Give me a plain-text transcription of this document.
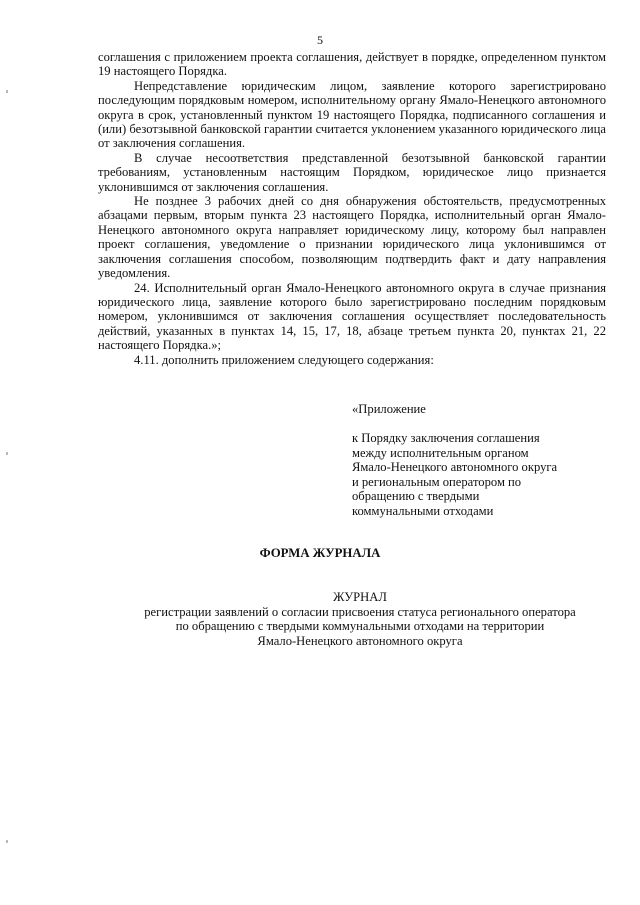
5

соглашения с приложением проекта соглашения, действует в порядке, определенном пунктом 19 настоящего Порядка.

Непредставление юридическим лицом, заявление которого зарегистрировано последующим порядковым номером, исполнительному органу Ямало-Ненецкого автономного округа в срок, установленный пунктом 19 настоящего Порядка, подписанного соглашения и (или) безотзывной банковской гарантии считается уклонением указанного юридического лица от заключения соглашения.

В случае несоответствия представленной безотзывной банковской гарантии требованиям, установленным настоящим Порядком, юридическое лицо признается уклонившимся от заключения соглашения.

Не позднее 3 рабочих дней со дня обнаружения обстоятельств, предусмотренных абзацами первым, вторым пункта 23 настоящего Порядка, исполнительный орган Ямало-Ненецкого автономного округа направляет юридическому лицу, которому был направлен проект соглашения, уведомление о признании юридического лица уклонившимся от заключения соглашения способом, позволяющим подтвердить факт и дату направления уведомления.

24. Исполнительный орган Ямало-Ненецкого автономного округа в случае признания юридического лица, заявление которого было зарегистрировано последним порядковым номером, уклонившимся от заключения соглашения осуществляет последовательность действий, указанных в пунктах 14, 15, 17, 18, абзаце третьем пункта 20, пунктах 21, 22 настоящего Порядка.»;

4.11. дополнить приложением следующего содержания:

«Приложение
к Порядку заключения соглашения
между исполнительным органом
Ямало-Ненецкого автономного округа
и региональным оператором по
обращению с твердыми
коммунальными отходами
ФОРМА ЖУРНАЛА
ЖУРНАЛ
регистрации заявлений о согласии присвоения статуса регионального оператора
по обращению с твердыми коммунальными отходами на территории
Ямало-Ненецкого автономного округа
